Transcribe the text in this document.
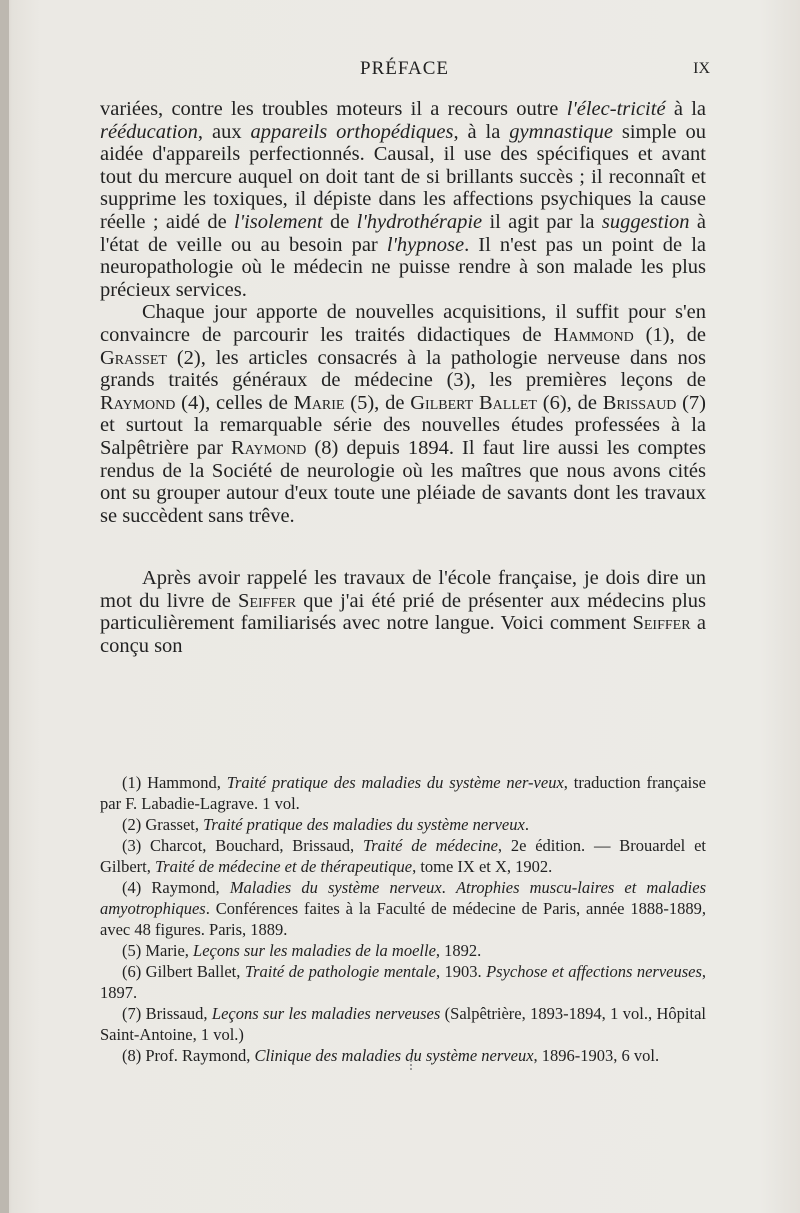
PRÉFACE	IX

variées, contre les troubles moteurs il a recours outre l'élec-tricité à la rééducation, aux appareils orthopédiques, à la gymnastique simple ou aidée d'appareils perfectionnés. Causal, il use des spécifiques et avant tout du mercure auquel on doit tant de si brillants succès ; il reconnaît et supprime les toxiques, il dépiste dans les affections psychiques la cause réelle ; aidé de l'isolement de l'hydrothérapie il agit par la suggestion à l'état de veille ou au besoin par l'hypnose. Il n'est pas un point de la neuropathologie où le médecin ne puisse rendre à son malade les plus précieux services.

Chaque jour apporte de nouvelles acquisitions, il suffit pour s'en convaincre de parcourir les traités didactiques de Hammond (1), de Grasset (2), les articles consacrés à la pathologie nerveuse dans nos grands traités généraux de médecine (3), les premières leçons de Raymond (4), celles de Marie (5), de Gilbert Ballet (6), de Brissaud (7) et surtout la remarquable série des nouvelles études professées à la Salpêtrière par Raymond (8) depuis 1894. Il faut lire aussi les comptes rendus de la Société de neurologie où les maîtres que nous avons cités ont su grouper autour d'eux toute une pléiade de savants dont les travaux se succèdent sans trêve.

Après avoir rappelé les travaux de l'école française, je dois dire un mot du livre de Seiffer que j'ai été prié de présenter aux médecins plus particulièrement familiarisés avec notre langue. Voici comment Seiffer a conçu son

(1) Hammond, Traité pratique des maladies du système ner-veux, traduction française par F. Labadie-Lagrave. 1 vol.

(2) Grasset, Traité pratique des maladies du système nerveux.

(3) Charcot, Bouchard, Brissaud, Traité de médecine, 2e édition. — Brouardel et Gilbert, Traité de médecine et de thérapeutique, tome IX et X, 1902.

(4) Raymond, Maladies du système nerveux. Atrophies muscu-laires et maladies amyotrophiques. Conférences faites à la Faculté de médecine de Paris, année 1888-1889, avec 48 figures. Paris, 1889.

(5) Marie, Leçons sur les maladies de la moelle, 1892.

(6) Gilbert Ballet, Traité de pathologie mentale, 1903. Psychose et affections nerveuses, 1897.

(7) Brissaud, Leçons sur les maladies nerveuses (Salpêtrière, 1893-1894, 1 vol., Hôpital Saint-Antoine, 1 vol.)

(8) Prof. Raymond, Clinique des maladies du système nerveux, 1896-1903, 6 vol.
